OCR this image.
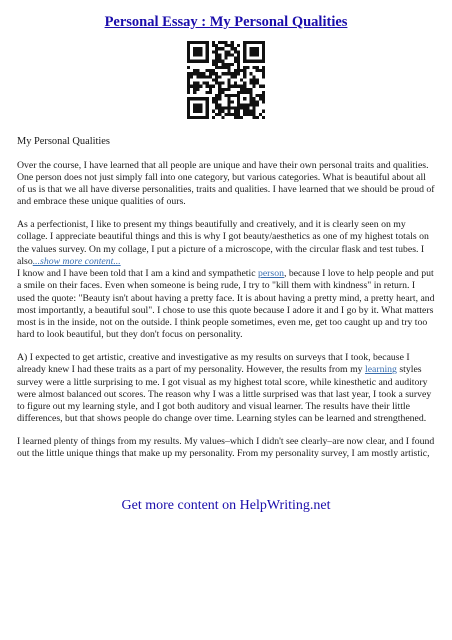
Personal Essay : My Personal Qualities

My Personal Qualities

Over the course, I have learned that all people are unique and have their own personal traits and qualities. One person does not just simply fall into one category, but various categories. What is beautiful about all of us is that we all have diverse personalities, traits and qualities. I have learned that we should be proud of and embrace these unique qualities of ours.

As a perfectionist, I like to present my things beautifully and creatively, and it is clearly seen on my collage. I appreciate beautiful things and this is why I got beauty/aesthetics as one of my highest totals on the values survey. On my collage, I put a picture of a microscope, with the circular flask and test tubes. I also...show more content...

I know and I have been told that I am a kind and sympathetic person, because I love to help people and put a smile on their faces. Even when someone is being rude, I try to "kill them with kindness" in return. I used the quote: "Beauty isn't about having a pretty face. It is about having a pretty mind, a pretty heart, and most importantly, a beautiful soul". I chose to use this quote because I adore it and I go by it. What matters most is in the inside, not on the outside. I think people sometimes, even me, get too caught up and try too hard to look beautiful, but they don't focus on personality.

A) I expected to get artistic, creative and investigative as my results on surveys that I took, because I already knew I had these traits as a part of my personality. However, the results from my learning styles survey were a little surprising to me. I got visual as my highest total score, while kinesthetic and auditory were almost balanced out scores. The reason why I was a little surprised was that last year, I took a survey to figure out my learning style, and I got both auditory and visual learner. The results have their little differences, but that shows people do change over time. Learning styles can be learned and strengthened.

I learned plenty of things from my results. My values–which I didn't see clearly–are now clear, and I found out the little unique things that make up my personality. From my personality survey, I am mostly artistic,

Get more content on HelpWriting.net
